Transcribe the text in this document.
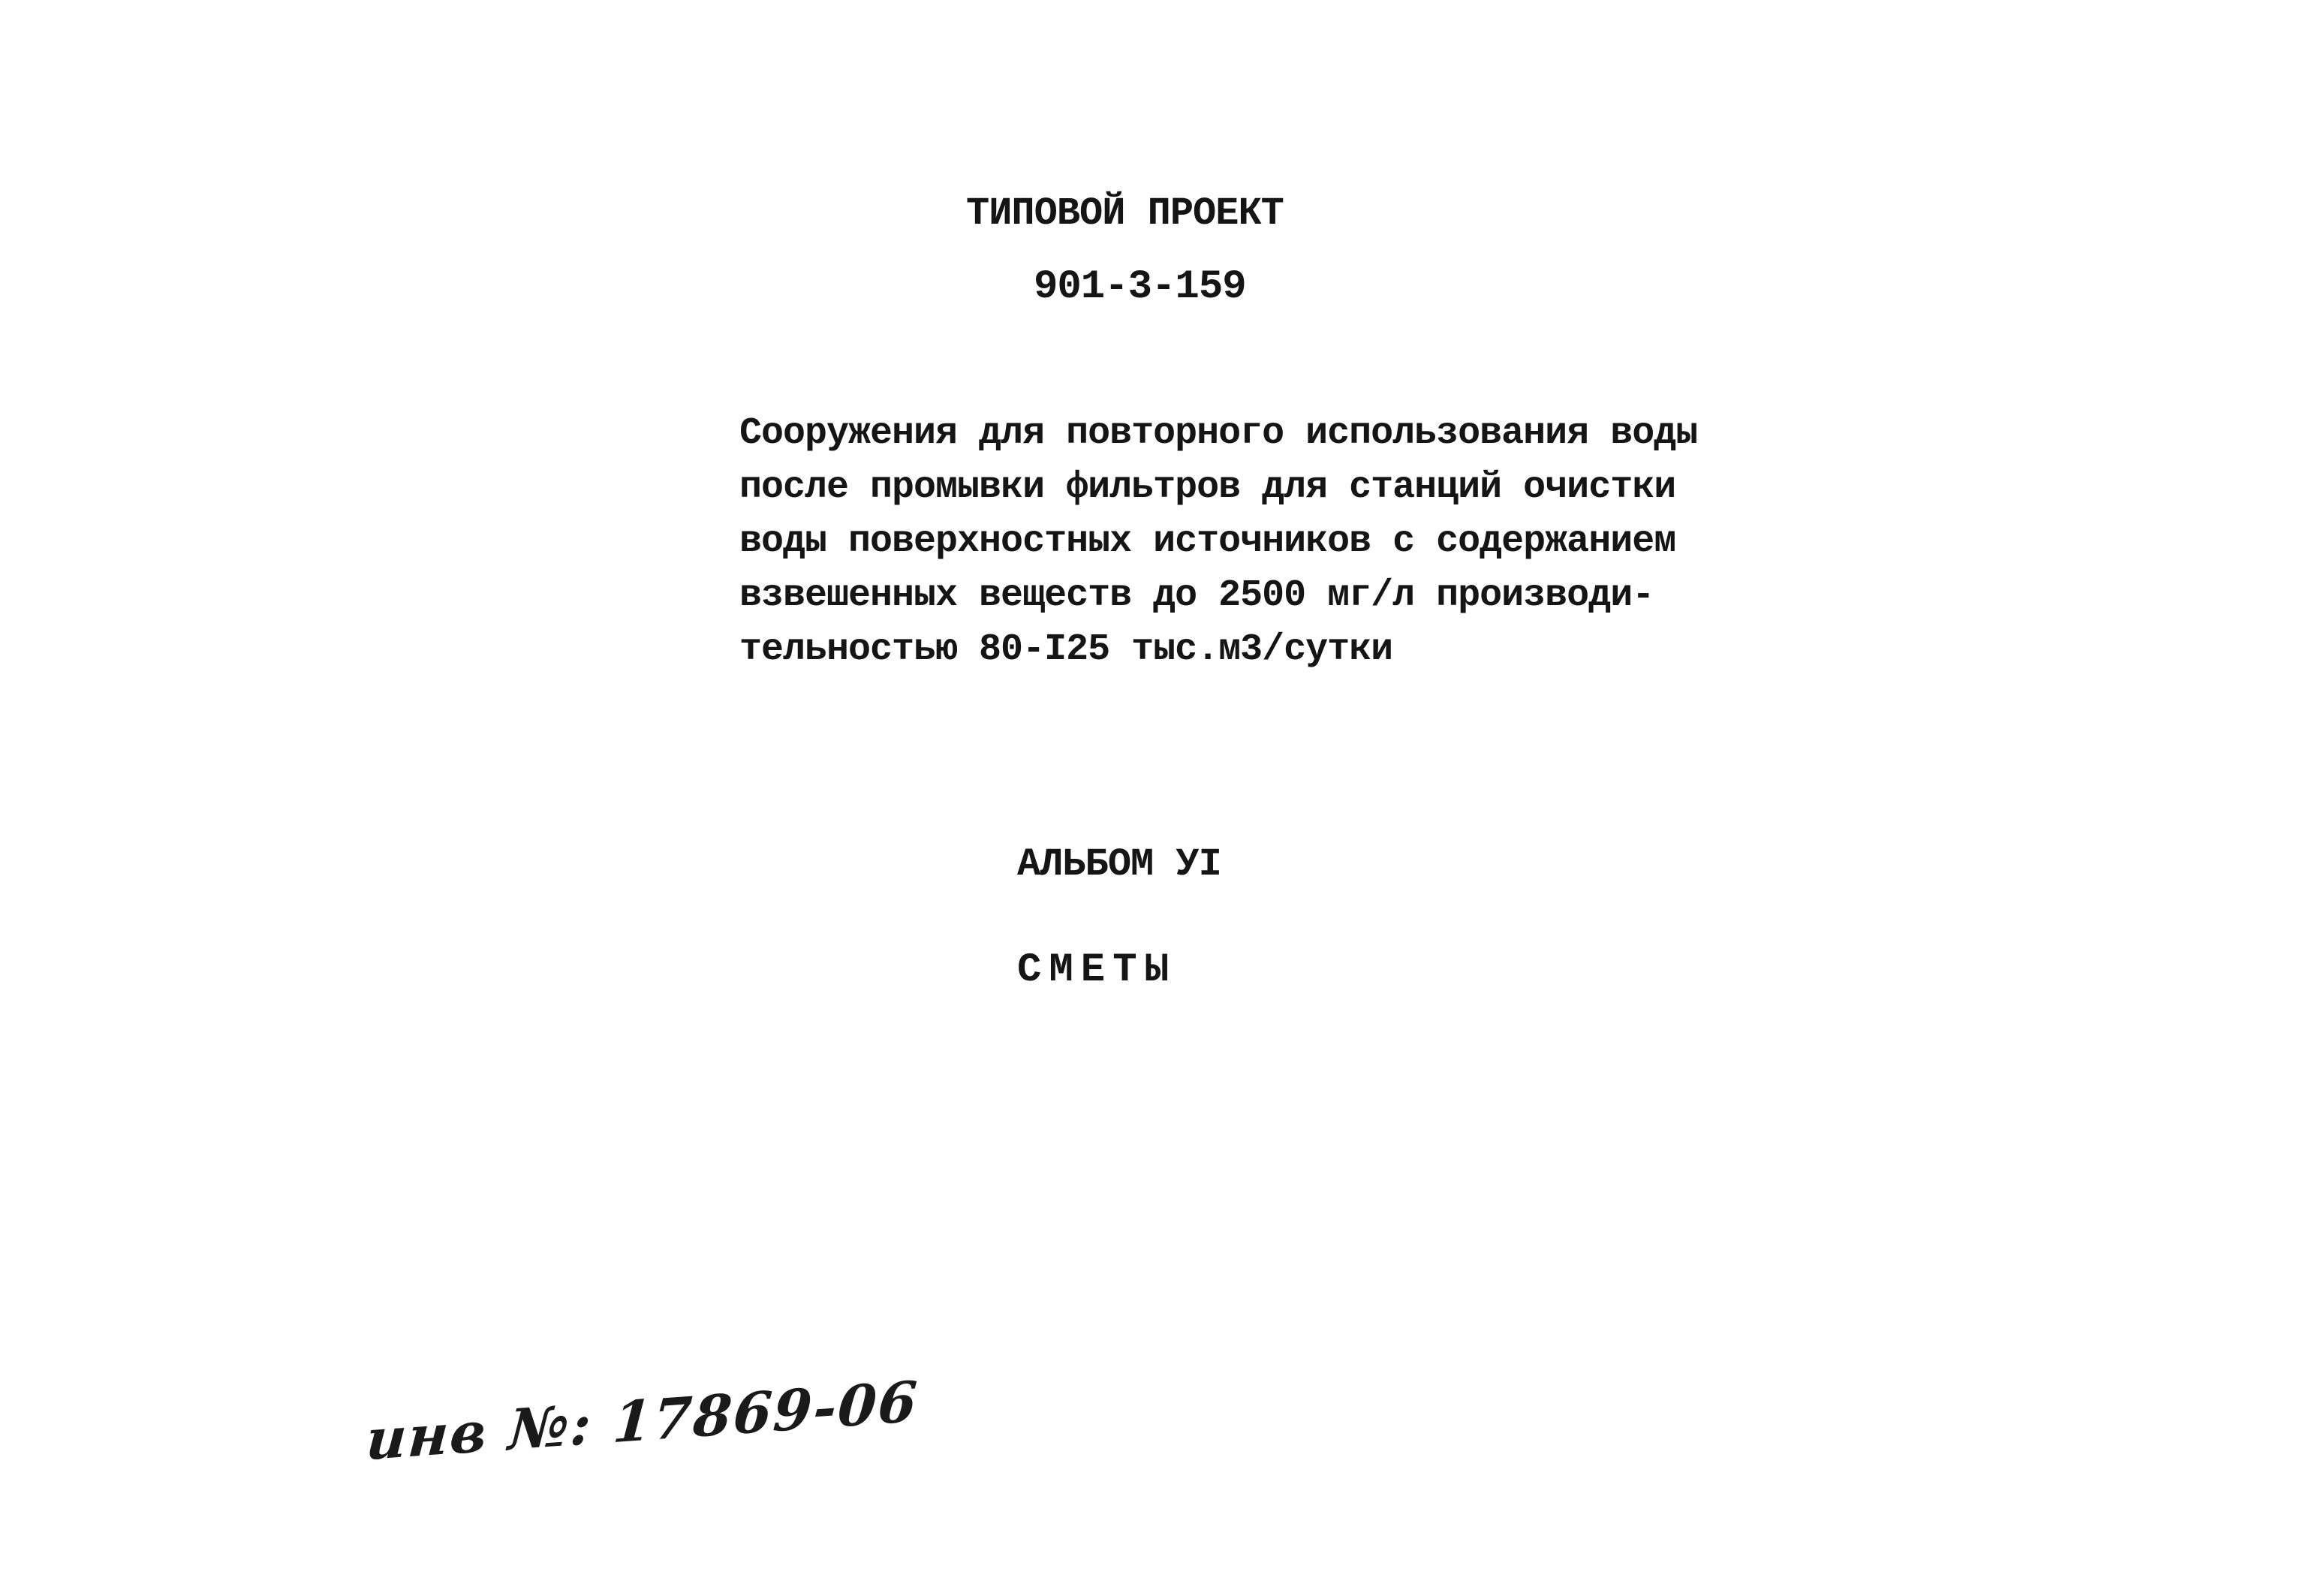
ТИПОВОЙ ПРОЕКТ
901-3-159
Сооружения для повторного использования воды
после промывки фильтров для станций очистки
воды поверхностных источников с содержанием
взвешенных веществ до 2500 мг/л производи-
тельностью 80-I25 тыс.м3/сутки
АЛЬБОМ УI
СМЕТЫ
инв №: 17869-06
